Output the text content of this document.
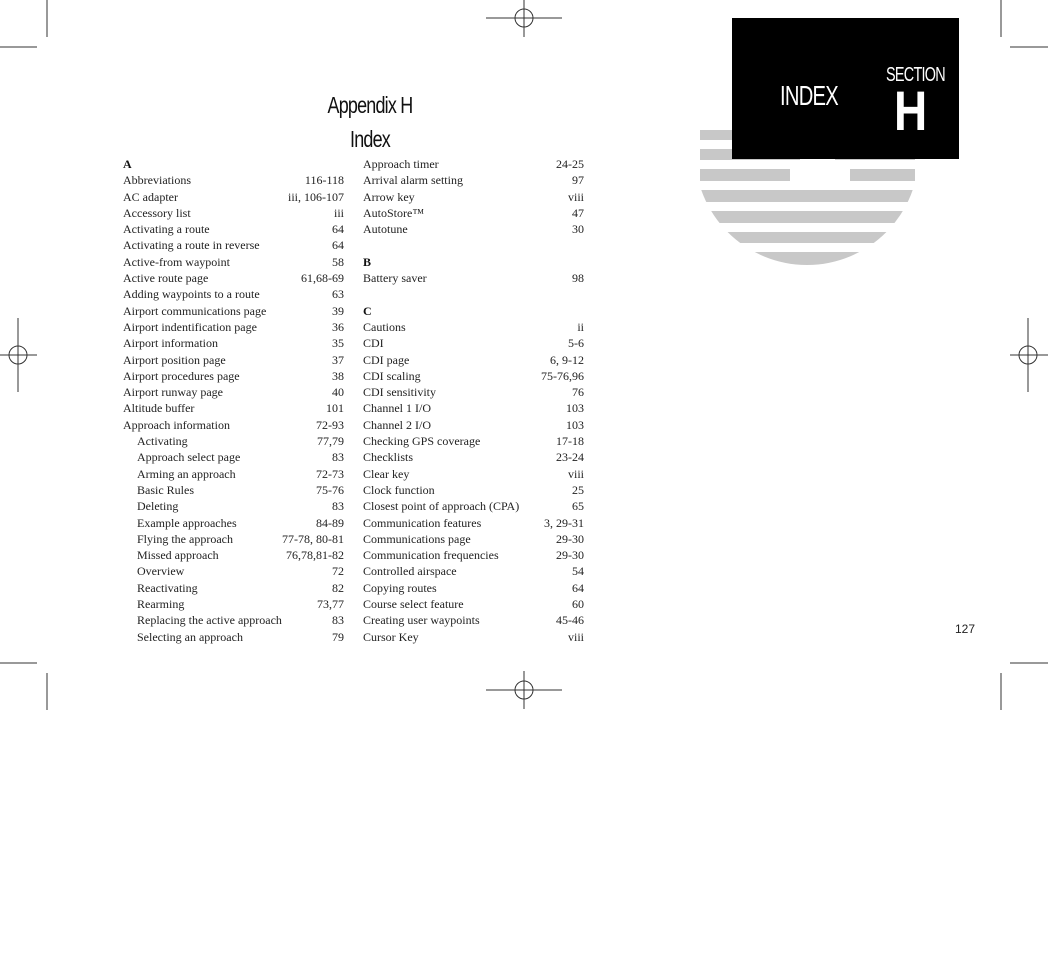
Appendix H
Index
INDEX
SECTION
H
A
Abbreviations	116-118
AC adapter	iii, 106-107
Accessory list	iii
Activating a route	64
Activating a route in reverse	64
Active-from waypoint	58
Active route page	61,68-69
Adding waypoints to a route	63
Airport communications page	39
Airport indentification page	36
Airport information	35
Airport position page	37
Airport procedures page	38
Airport runway page	40
Altitude buffer	101
Approach information	72-93
Activating	77,79
Approach select page	83
Arming an approach	72-73
Basic Rules	75-76
Deleting	83
Example approaches	84-89
Flying the approach	77-78, 80-81
Missed approach	76,78,81-82
Overview	72
Reactivating	82
Rearming	73,77
Replacing the active approach	83
Selecting an approach	79
Approach timer	24-25
Arrival alarm setting	97
Arrow key	viii
AutoStore™	47
Autotune	30
B
Battery saver	98
C
Cautions	ii
CDI	5-6
CDI page	6, 9-12
CDI scaling	75-76,96
CDI sensitivity	76
Channel 1 I/O	103
Channel 2 I/O	103
Checking GPS coverage	17-18
Checklists	23-24
Clear key	viii
Clock function	25
Closest point of approach (CPA)	65
Communication features	3, 29-31
Communications page	29-30
Communication frequencies	29-30
Controlled airspace	54
Copying routes	64
Course select feature	60
Creating user waypoints	45-46
Cursor Key	viii
127
